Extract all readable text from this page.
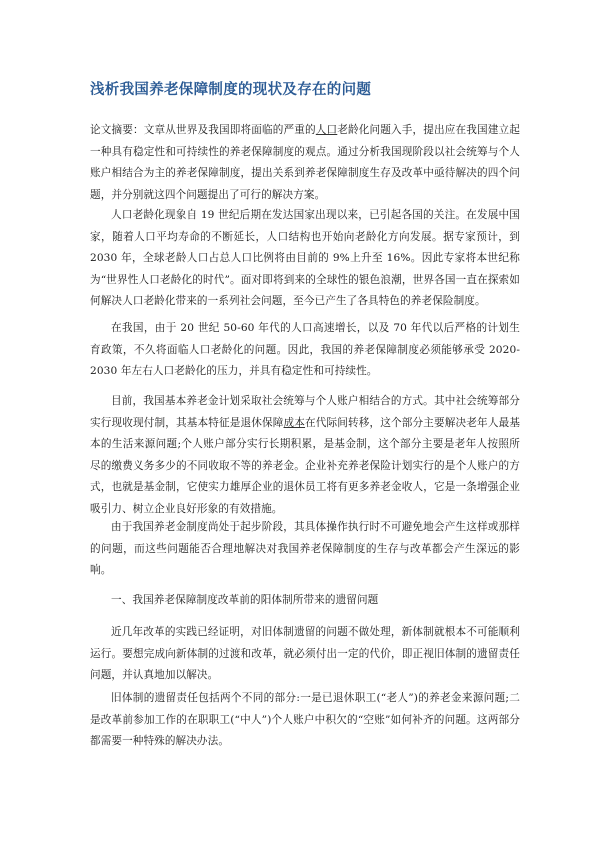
浅析我国养老保障制度的现状及存在的问题

论文摘要：文章从世界及我国即将面临的严重的人口老龄化问题入手，提出应在我国建立起一种具有稳定性和可持续性的养老保障制度的观点。通过分析我国现阶段以社会统筹与个人账户相结合为主的养老保障制度，提出关系到养老保障制度生存及改革中亟待解决的四个问题，并分别就这四个问题提出了可行的解决方案。

人口老龄化现象自 19 世纪后期在发达国家出现以来，已引起各国的关注。在发展中国家，随着人口平均寿命的不断延长，人口结构也开始向老龄化方向发展。据专家预计，到 2030 年，全球老龄人口占总人口比例将由目前的 9%上升至 16%。因此专家将本世纪称为“世界性人口老龄化的时代”。面对即将到来的全球性的银色浪潮，世界各国一直在探索如何解决人口老龄化带来的一系列社会问题，至今已产生了各具特色的养老保险制度。

在我国，由于 20 世纪 50-60 年代的人口高速增长，以及 70 年代以后严格的计划生育政策，不久将面临人口老龄化的问题。因此，我国的养老保障制度必须能够承受 2020-2030 年左右人口老龄化的压力，并具有稳定性和可持续性。

目前，我国基本养老金计划采取社会统筹与个人账户相结合的方式。其中社会统筹部分实行现收现付制，其基本特征是退休保障成本在代际间转移，这个部分主要解决老年人最基本的生活来源问题;个人账户部分实行长期积累，是基金制，这个部分主要是老年人按照所尽的缴费义务多少的不同收取不等的养老金。企业补充养老保险计划实行的是个人账户的方式，也就是基金制，它使实力雄厚企业的退休员工将有更多养老金收人，它是一条增强企业吸引力、树立企业良好形象的有效措施。

由于我国养老金制度尚处于起步阶段，其具体操作执行时不可避免地会产生这样或那样的问题，而这些问题能否合理地解决对我国养老保障制度的生存与改革都会产生深远的影响。

一、我国养老保障制度改革前的阳体制所带来的遗留问题

近几年改革的实践已经证明，对旧体制遗留的问题不做处理，新体制就根本不可能顺利运行。要想完成向新体制的过渡和改革，就必须付出一定的代价，即正视旧体制的遗留责任问题，并认真地加以解决。

旧体制的遗留责任包括两个不同的部分:一是已退休职工(“老人”)的养老金来源问题;二是改革前参加工作的在职职工(“中人”)个人账户中积欠的“空账”如何补齐的问题。这两部分都需要一种特殊的解决办法。
